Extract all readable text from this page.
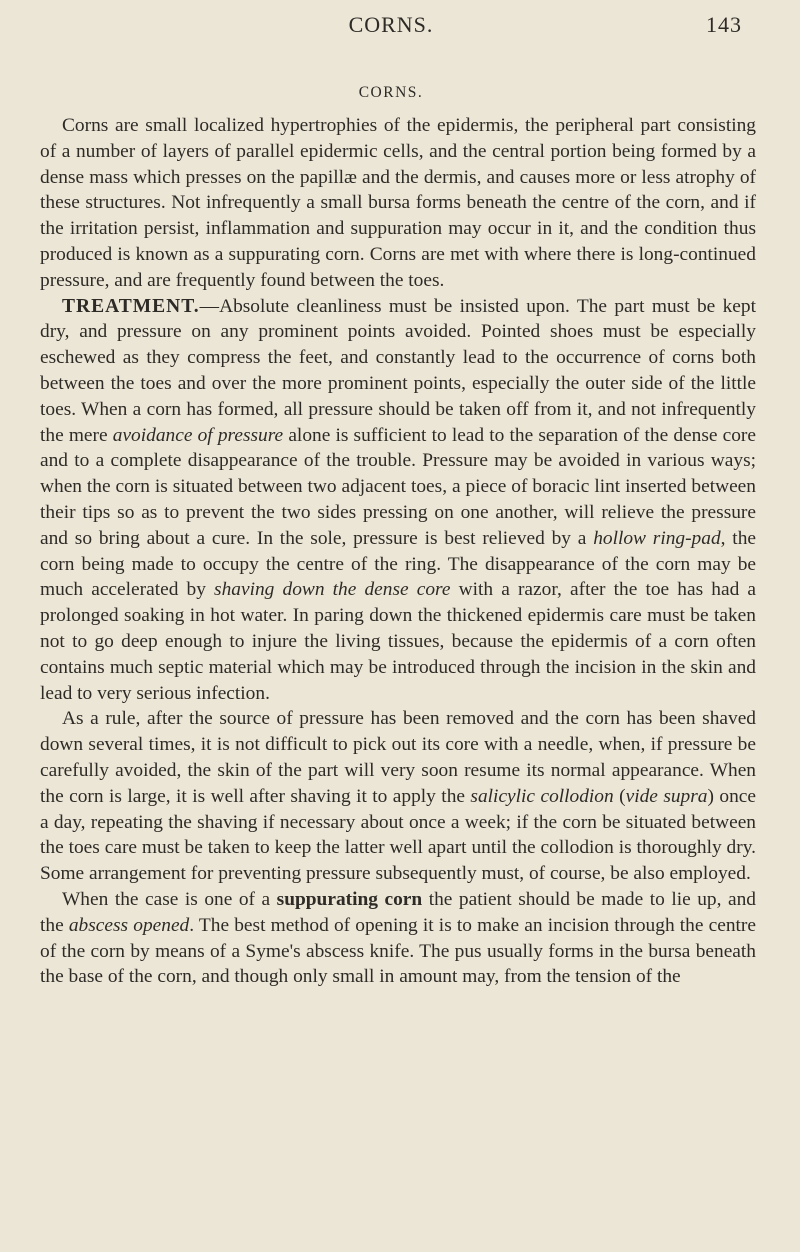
CORNS.	143
CORNS.

Corns are small localized hypertrophies of the epidermis, the peripheral part consisting of a number of layers of parallel epidermic cells, and the central portion being formed by a dense mass which presses on the papillæ and the dermis, and causes more or less atrophy of these structures. Not infrequently a small bursa forms beneath the centre of the corn, and if the irritation persist, inflammation and suppuration may occur in it, and the condition thus produced is known as a suppurating corn. Corns are met with where there is long-continued pressure, and are frequently found between the toes.

TREATMENT.—Absolute cleanliness must be insisted upon. The part must be kept dry, and pressure on any prominent points avoided. Pointed shoes must be especially eschewed as they compress the feet, and constantly lead to the occurrence of corns both between the toes and over the more prominent points, especially the outer side of the little toes. When a corn has formed, all pressure should be taken off from it, and not infrequently the mere avoidance of pressure alone is sufficient to lead to the separation of the dense core and to a complete disappearance of the trouble. Pressure may be avoided in various ways; when the corn is situated between two adjacent toes, a piece of boracic lint inserted between their tips so as to prevent the two sides pressing on one another, will relieve the pressure and so bring about a cure. In the sole, pressure is best relieved by a hollow ring-pad, the corn being made to occupy the centre of the ring. The disappearance of the corn may be much accelerated by shaving down the dense core with a razor, after the toe has had a prolonged soaking in hot water. In paring down the thickened epidermis care must be taken not to go deep enough to injure the living tissues, because the epidermis of a corn often contains much septic material which may be introduced through the incision in the skin and lead to very serious infection.

As a rule, after the source of pressure has been removed and the corn has been shaved down several times, it is not difficult to pick out its core with a needle, when, if pressure be carefully avoided, the skin of the part will very soon resume its normal appearance. When the corn is large, it is well after shaving it to apply the salicylic collodion (vide supra) once a day, repeating the shaving if necessary about once a week; if the corn be situated between the toes care must be taken to keep the latter well apart until the collodion is thoroughly dry. Some arrangement for preventing pressure subsequently must, of course, be also employed.

When the case is one of a suppurating corn the patient should be made to lie up, and the abscess opened. The best method of opening it is to make an incision through the centre of the corn by means of a Syme's abscess knife. The pus usually forms in the bursa beneath the base of the corn, and though only small in amount may, from the tension of the
